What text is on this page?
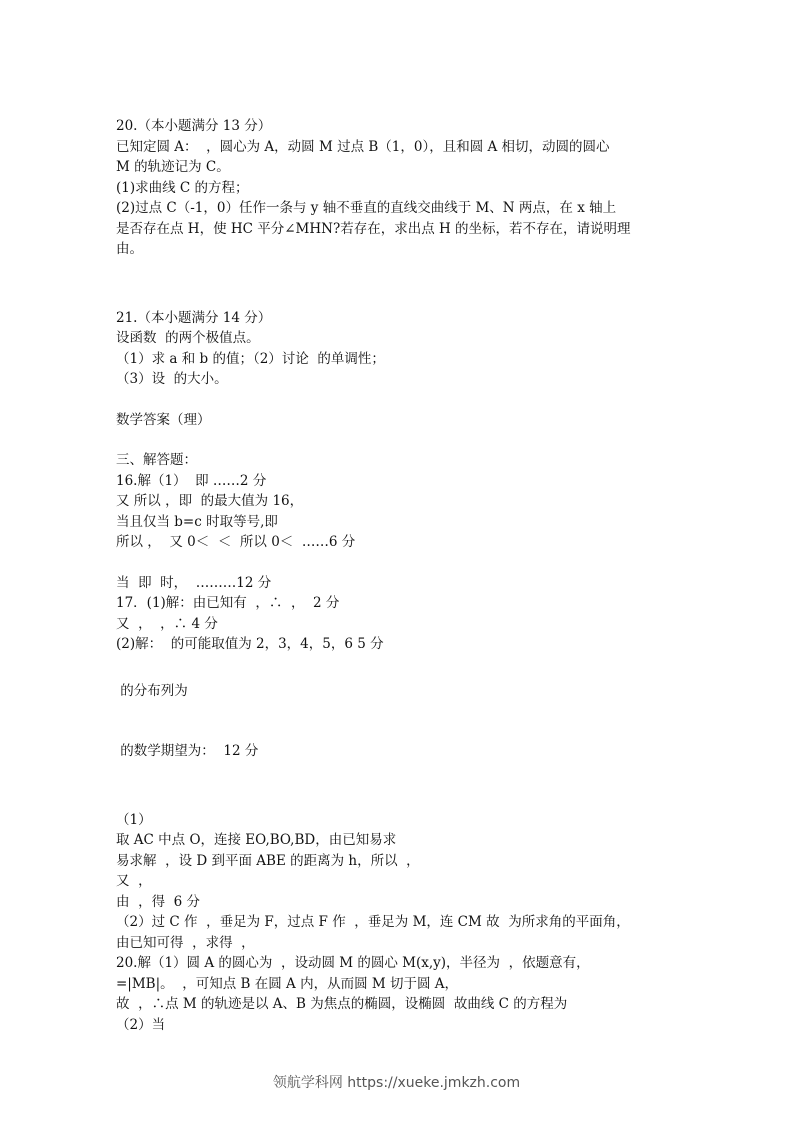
20.（本小题满分 13 分）
已知定圆 A：  ，圆心为 A，动圆 M 过点 B（1，0），且和圆 A 相切，动圆的圆心
M 的轨迹记为 C。
(1)求曲线 C 的方程；
(2)过点 C（-1，0）任作一条与 y 轴不垂直的直线交曲线于 M、N 两点，在 x 轴上
是否存在点 H，使 HC 平分∠MHN?若存在，求出点 H 的坐标，若不存在，请说明理
由。
21.（本小题满分 14 分）
设函数  的两个极值点。
（1）求 a 和 b 的值；（2）讨论  的单调性；
（3）设  的大小。
数学答案（理）
三、解答题：
16.解（1）  即 ……2 分
又 所以 ，即  的最大值为 16，
当且仅当 b=c 时取等号,即
所以 ，  又 0＜  ＜  所以 0＜  ……6 分
当  即  时，  ………12 分
17．(1)解：由已知有  ，∴  ，  2 分
又  ，  ，∴ 4 分
(2)解：  的可能取值为 2，3，4，5，6 5 分
的分布列为
的数学期望为：  12 分
（1）
取 AC 中点 O，连接 EO,BO,BD，由已知易求
易求解  ，设 D 到平面 ABE 的距离为 h，所以  ，
又  ，
由  ，得  6 分
（2）过 C 作  ，垂足为 F，过点 F 作  ，垂足为 M，连 CM 故  为所求角的平面角，
由已知可得  ，求得  ，
20.解（1）圆 A 的圆心为  ，设动圆 M 的圆心 M(x,y)，半径为  ，依题意有，
=|MB|。  ，可知点 B 在圆 A 内，从而圆 M 切于圆 A，
故  ，∴点 M 的轨迹是以 A、B 为焦点的椭圆，设椭圆  故曲线 C 的方程为
（2）当
领航学科网 https://xueke.jmkzh.com
